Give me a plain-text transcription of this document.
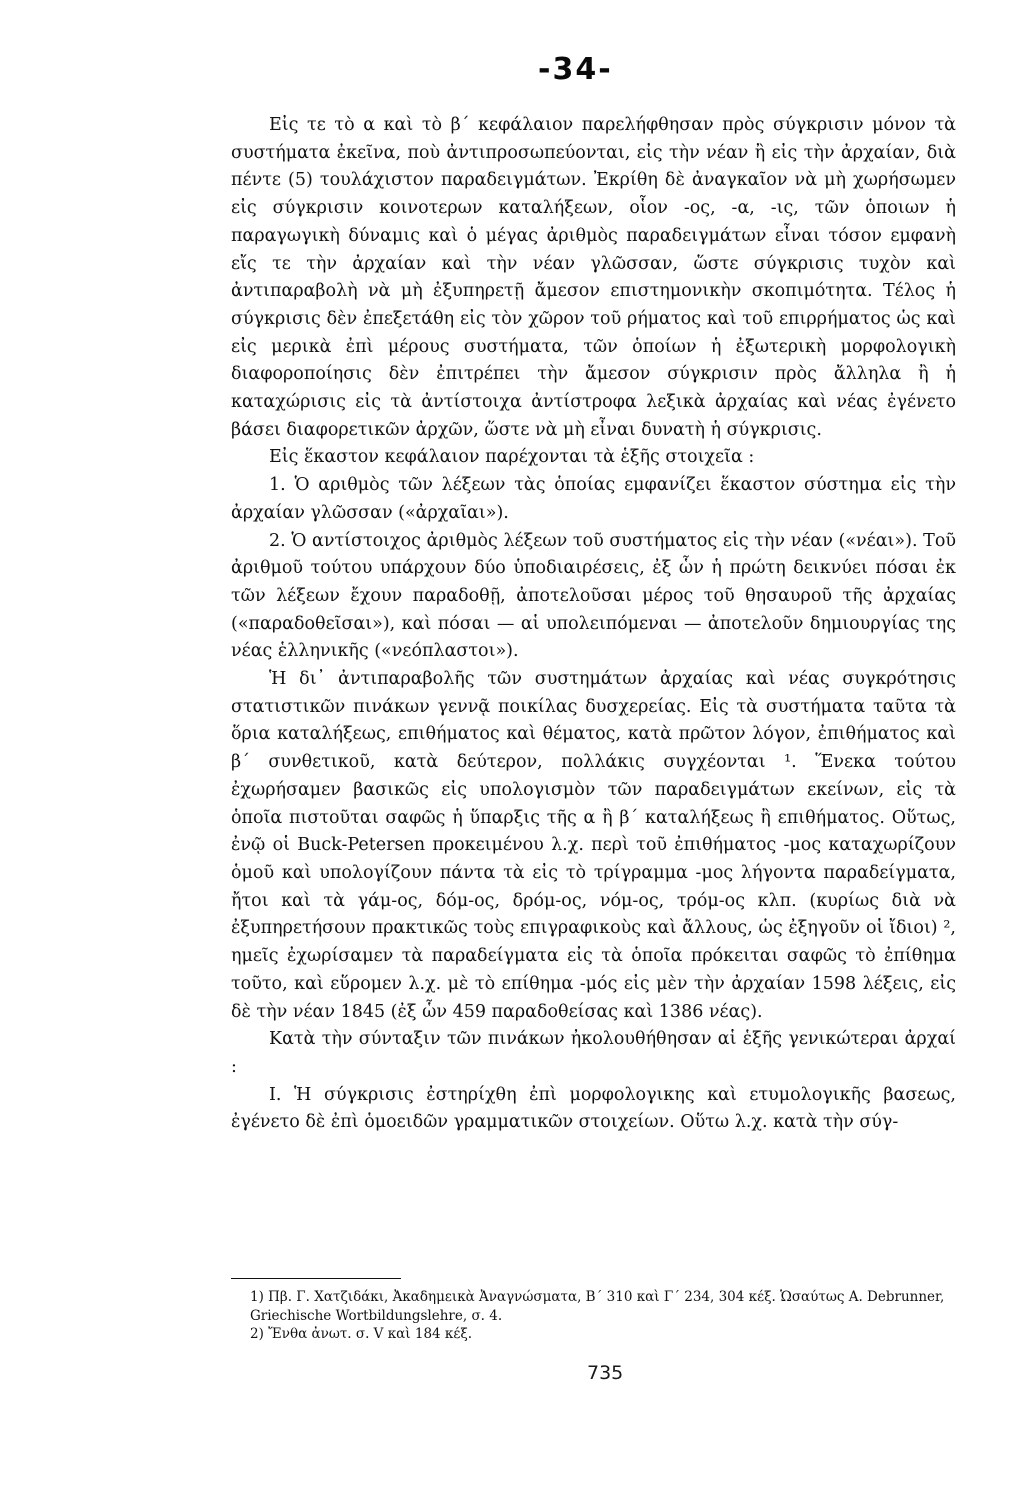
-34-

Εἰς τε τὸ α καὶ τὸ β΄ κεφάλαιον παρελήφθησαν πρὸς σύγκρισιν μόνον τὰ συστήματα ἐκεῖνα, ποὺ ἀντιπροσωπεύονται, εἰς τὴν νέαν ἢ εἰς τὴν ἀρχαίαν, διὰ πέντε (5) τουλάχιστον παραδειγμάτων. Ἐκρίθη δὲ ἀναγκαῖον νὰ μὴ χωρήσωμεν εἰς σύγκρισιν κοινοτερων καταλήξεων, οἷον -ος, -α, -ις, τῶν ὁποιων ἡ παραγωγικὴ δύναμις καὶ ὁ μέγας ἀριθμὸς παραδειγμάτων εἶναι τόσον εμφανὴ εἴς τε τὴν ἀρχαίαν καὶ τὴν νέαν γλῶσσαν, ὥστε σύγκρισις τυχὸν καὶ ἀντιπαραβολὴ νὰ μὴ ἐξυπηρετῇ ἄμεσον επιστημονικὴν σκοπιμότητα. Τέλος ἡ σύγκρισις δὲν ἐπεξετάθη εἰς τὸν χῶρον τοῦ ρήματος καὶ τοῦ επιρρήματος ὡς καὶ εἰς μερικὰ ἐπὶ μέρους συστήματα, τῶν ὁποίων ἡ ἐξωτερικὴ μορφολογικὴ διαφοροποίησις δὲν ἐπιτρέπει τὴν ἄμεσον σύγκρισιν πρὸς ἄλληλα ἢ ἡ καταχώρισις εἰς τὰ ἀντίστοιχα ἀντίστροφα λεξικὰ ἀρχαίας καὶ νέας ἐγένετο βάσει διαφορετικῶν ἀρχῶν, ὥστε νὰ μὴ εἶναι δυνατὴ ἡ σύγκρισις.

Εἰς ἕκαστον κεφάλαιον παρέχονται τὰ ἑξῆς στοιχεῖα :

1. Ὁ αριθμὸς τῶν λέξεων τὰς ὁποίας εμφανίζει ἕκαστον σύστημα εἰς τὴν ἀρχαίαν γλῶσσαν («ἀρχαῖαι»).

2. Ὁ αντίστοιχος ἀριθμὸς λέξεων τοῦ συστήματος εἰς τὴν νέαν («νέαι»). Τοῦ ἀριθμοῦ τούτου υπάρχουν δύο ὑποδιαιρέσεις, ἐξ ὧν ἡ πρώτη δεικνύει πόσαι ἐκ τῶν λέξεων ἔχουν παραδοθῇ, ἀποτελοῦσαι μέρος τοῦ θησαυροῦ τῆς ἀρχαίας («παραδοθεῖσαι»), καὶ πόσαι — αἱ υπολειπόμεναι — ἀποτελοῦν δημιουργίας της νέας ἑλληνικῆς («νεόπλαστοι»).

Ἡ δι᾽ ἀντιπαραβολῆς τῶν συστημάτων ἀρχαίας καὶ νέας συγκρότησις στατιστικῶν πινάκων γεννᾷ ποικίλας δυσχερείας. Εἰς τὰ συστήματα ταῦτα τὰ ὅρια καταλήξεως, επιθήματος καὶ θέματος, κατὰ πρῶτον λόγον, ἐπιθήματος καὶ β΄ συνθετικοῦ, κατὰ δεύτερον, πολλάκις συγχέονται ¹. Ἕνεκα τούτου ἐχωρήσαμεν βασικῶς εἰς υπολογισμὸν τῶν παραδειγμάτων εκείνων, εἰς τὰ ὁποῖα πιστοῦται σαφῶς ἡ ὕπαρξις τῆς α ἢ β΄ καταλήξεως ἢ επιθήματος. Οὕτως, ἐνῷ οἱ Buck-Petersen προκειμένου λ.χ. περὶ τοῦ ἐπιθήματος -μος καταχωρίζουν ὁμοῦ καὶ υπολογίζουν πάντα τὰ εἰς τὸ τρίγραμμα -μος λήγοντα παραδείγματα, ἤτοι καὶ τὰ γάμ-ος, δόμ-ος, δρόμ-ος, νόμ-ος, τρόμ-ος κλπ. (κυρίως διὰ νὰ ἐξυπηρετήσουν πρακτικῶς τοὺς επιγραφικοὺς καὶ ἄλλους, ὡς ἐξηγοῦν οἱ ἴδιοι) ², ημεῖς ἐχωρίσαμεν τὰ παραδείγματα εἰς τὰ ὁποῖα πρόκειται σαφῶς τὸ ἐπίθημα τοῦτο, καὶ εὕρομεν λ.χ. μὲ τὸ επίθημα -μός εἰς μὲν τὴν ἀρχαίαν 1598 λέξεις, εἰς δὲ τὴν νέαν 1845 (ἐξ ὧν 459 παραδοθείσας καὶ 1386 νέας).

Κατὰ τὴν σύνταξιν τῶν πινάκων ἠκολουθήθησαν αἱ ἑξῆς γενικώτεραι ἀρχαί :

Ι. Ἡ σύγκρισις ἐστηρίχθη ἐπὶ μορφολογικης καὶ ετυμολογικῆς βασεως, ἐγένετο δὲ ἐπὶ ὁμοειδῶν γραμματικῶν στοιχείων. Οὕτω λ.χ. κατὰ τὴν σύγ-

1) Πβ. Γ. Χατζιδάκι, Ἀκαδημεικὰ Ἀναγνώσματα, Β΄ 310 καὶ Γ΄ 234, 304 κέξ. Ὡσαύτως A. Debrunner, Griechische Wortbildungslehre, σ. 4.
2) Ἔνθα ἀνωτ. σ. V καὶ 184 κέξ.
735
